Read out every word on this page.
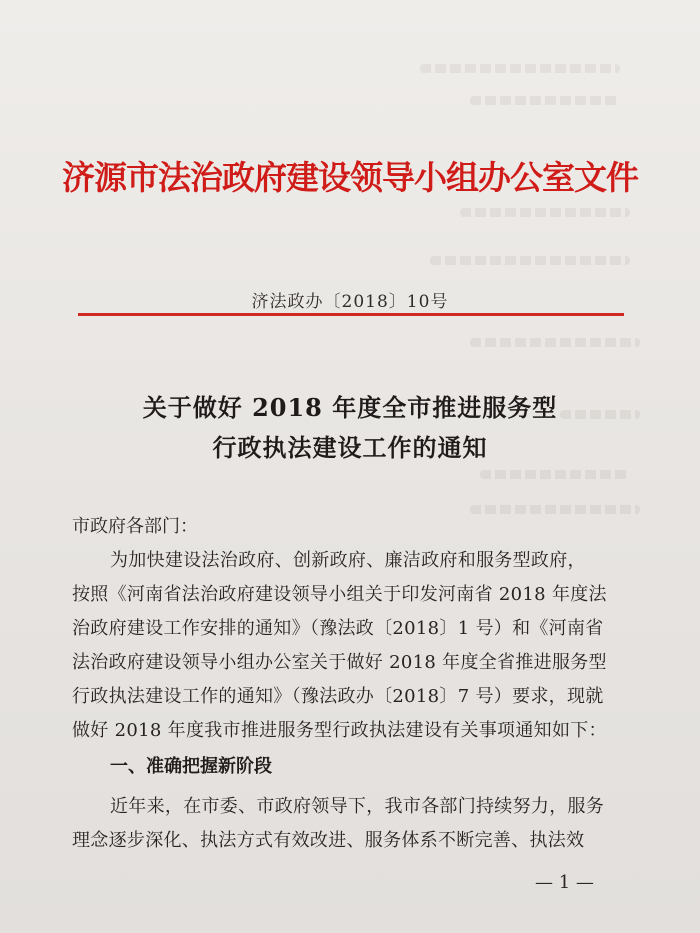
济源市法治政府建设领导小组办公室文件
济法政办〔2018〕10号
关于做好 2018 年度全市推进服务型
行政执法建设工作的通知
市政府各部门：
为加快建设法治政府、创新政府、廉洁政府和服务型政府，
按照《河南省法治政府建设领导小组关于印发河南省 2018 年度法
治政府建设工作安排的通知》（豫法政〔2018〕1 号）和《河南省
法治政府建设领导小组办公室关于做好 2018 年度全省推进服务型
行政执法建设工作的通知》（豫法政办〔2018〕7 号）要求，现就
做好 2018 年度我市推进服务型行政执法建设有关事项通知如下：
一、准确把握新阶段
近年来，在市委、市政府领导下，我市各部门持续努力，服务
理念逐步深化、执法方式有效改进、服务体系不断完善、执法效
— 1 —
